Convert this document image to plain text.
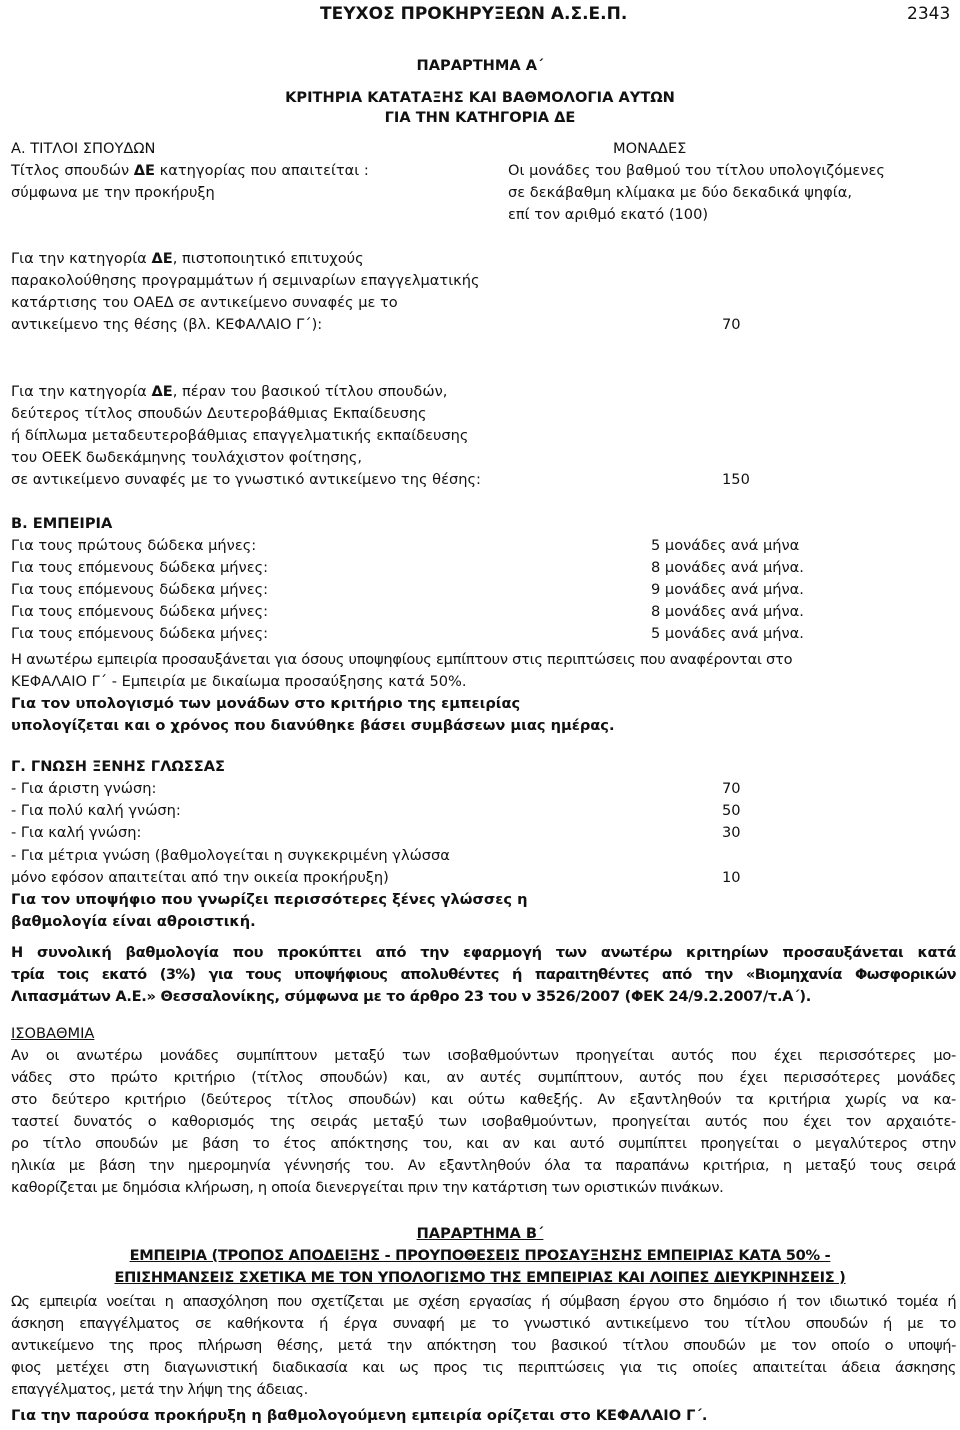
ΤΕΥΧΟΣ ΠΡΟΚΗΡΥΞΕΩΝ Α.Σ.Ε.Π.	2343
ΠΑΡΑΡΤΗΜΑ Α΄
ΚΡΙΤΗΡΙΑ ΚΑΤΑΤΑΞΗΣ ΚΑΙ ΒΑΘΜΟΛΟΓΙΑ ΑΥΤΩΝ
ΓΙΑ ΤΗΝ ΚΑΤΗΓΟΡΙΑ ΔΕ
Α. ΤΙΤΛΟΙ ΣΠΟΥΔΩΝ	ΜΟΝΑΔΕΣ
Τίτλος σπουδών ΔΕ κατηγορίας που απαιτείται :
σύμφωνα με την προκήρυξη
Οι μονάδες του βαθμού του τίτλου υπολογιζόμενες
σε δεκάβαθμη κλίμακα με δύο δεκαδικά ψηφία,
επί τον αριθμό εκατό (100)
Για την κατηγορία ΔΕ, πιστοποιητικό επιτυχούς
παρακολούθησης προγραμμάτων ή σεμιναρίων επαγγελματικής
κατάρτισης του ΟΑΕΔ σε αντικείμενο συναφές με το
αντικείμενο της θέσης (βλ. ΚΕΦΑΛΑΙΟ Γ΄):	70
Για την κατηγορία ΔΕ, πέραν του βασικού τίτλου σπουδών,
δεύτερος τίτλος σπουδών Δευτεροβάθμιας Εκπαίδευσης
ή δίπλωμα μεταδευτεροβάθμιας επαγγελματικής εκπαίδευσης
του ΟΕΕΚ δωδεκάμηνης τουλάχιστον φοίτησης,
σε αντικείμενο συναφές με το γνωστικό αντικείμενο της θέσης:	150
Β. ΕΜΠΕΙΡΙΑ
Για τους πρώτους δώδεκα μήνες:	5 μονάδες ανά μήνα
Για τους επόμενους δώδεκα μήνες:	8 μονάδες ανά μήνα.
Για τους επόμενους δώδεκα μήνες:	9 μονάδες ανά μήνα.
Για τους επόμενους δώδεκα μήνες:	8 μονάδες ανά μήνα.
Για τους επόμενους δώδεκα μήνες:	5 μονάδες ανά μήνα.
Η ανωτέρω εμπειρία προσαυξάνεται για όσους υποψηφίους εμπίπτουν στις περιπτώσεις που αναφέρονται στο
ΚΕΦΑΛΑΙΟ Γ΄ - Εμπειρία με δικαίωμα προσαύξησης κατά 50%.
Για τον υπολογισμό των μονάδων στο κριτήριο της εμπειρίας
υπολογίζεται και ο χρόνος που διανύθηκε βάσει συμβάσεων μιας ημέρας.
Γ. ΓΝΩΣΗ ΞΕΝΗΣ ΓΛΩΣΣΑΣ
- Για άριστη γνώση:	70
- Για πολύ καλή γνώση:	50
- Για καλή γνώση:	30
- Για μέτρια γνώση (βαθμολογείται η συγκεκριμένη γλώσσα
μόνο εφόσον απαιτείται από την οικεία προκήρυξη)	10
Για τον υποψήφιο που γνωρίζει περισσότερες ξένες γλώσσες η
βαθμολογία είναι αθροιστική.
Η συνολική βαθμολογία που προκύπτει από την εφαρμογή των ανωτέρω κριτηρίων προσαυξάνεται κατά
τρία τοις εκατό (3%) για τους υποψήφιους απολυθέντες ή παραιτηθέντες από την «Βιομηχανία Φωσφορικών
Λιπασμάτων Α.Ε.» Θεσσαλονίκης, σύμφωνα με το άρθρο 23 του ν 3526/2007 (ΦΕΚ 24/9.2.2007/τ.Α΄).
ΙΣΟΒΑΘΜΙΑ
Αν οι ανωτέρω μονάδες συμπίπτουν μεταξύ των ισοβαθμούντων προηγείται αυτός που έχει περισσότερες μο-
νάδες στο πρώτο κριτήριο (τίτλος σπουδών) και, αν αυτές συμπίπτουν, αυτός που έχει περισσότερες μονάδες
στο δεύτερο κριτήριο (δεύτερος τίτλος σπουδών) και ούτω καθεξής. Αν εξαντληθούν τα κριτήρια χωρίς να κα-
ταστεί δυνατός ο καθορισμός της σειράς μεταξύ των ισοβαθμούντων, προηγείται αυτός που έχει τον αρχαιότε-
ρο τίτλο σπουδών με βάση το έτος απόκτησης του, και αν και αυτό συμπίπτει προηγείται ο μεγαλύτερος στην
ηλικία με βάση την ημερομηνία γέννησής του. Αν εξαντληθούν όλα τα παραπάνω κριτήρια, η μεταξύ τους σειρά
καθορίζεται με δημόσια κλήρωση, η οποία διενεργείται πριν την κατάρτιση των οριστικών πινάκων.
ΠΑΡΑΡΤΗΜΑ Β΄
ΕΜΠΕΙΡΙΑ (ΤΡΟΠΟΣ ΑΠΟΔΕΙΞΗΣ - ΠΡΟΥΠΟΘΕΣΕΙΣ ΠΡΟΣΑΥΞΗΣΗΣ ΕΜΠΕΙΡΙΑΣ ΚΑΤΑ 50% -
ΕΠΙΣΗΜΑΝΣΕΙΣ ΣΧΕΤΙΚΑ ΜΕ ΤΟΝ ΥΠΟΛΟΓΙΣΜΟ ΤΗΣ ΕΜΠΕΙΡΙΑΣ ΚΑΙ ΛΟΙΠΕΣ ΔΙΕΥΚΡΙΝΗΣΕΙΣ )
Ως εμπειρία νοείται η απασχόληση που σχετίζεται με σχέση εργασίας ή σύμβαση έργου στο δημόσιο ή τον ιδιωτικό τομέα ή
άσκηση επαγγέλματος σε καθήκοντα ή έργα συναφή με το γνωστικό αντικείμενο του τίτλου σπουδών ή με το
αντικείμενο της προς πλήρωση θέσης, μετά την απόκτηση του βασικού τίτλου σπουδών με τον οποίο ο υποψή-
φιος μετέχει στη διαγωνιστική διαδικασία και ως προς τις περιπτώσεις για τις οποίες απαιτείται άδεια άσκησης
επαγγέλματος, μετά την λήψη της άδειας.
Για την παρούσα προκήρυξη η βαθμολογούμενη εμπειρία ορίζεται στο ΚΕΦΑΛΑΙΟ Γ΄.
